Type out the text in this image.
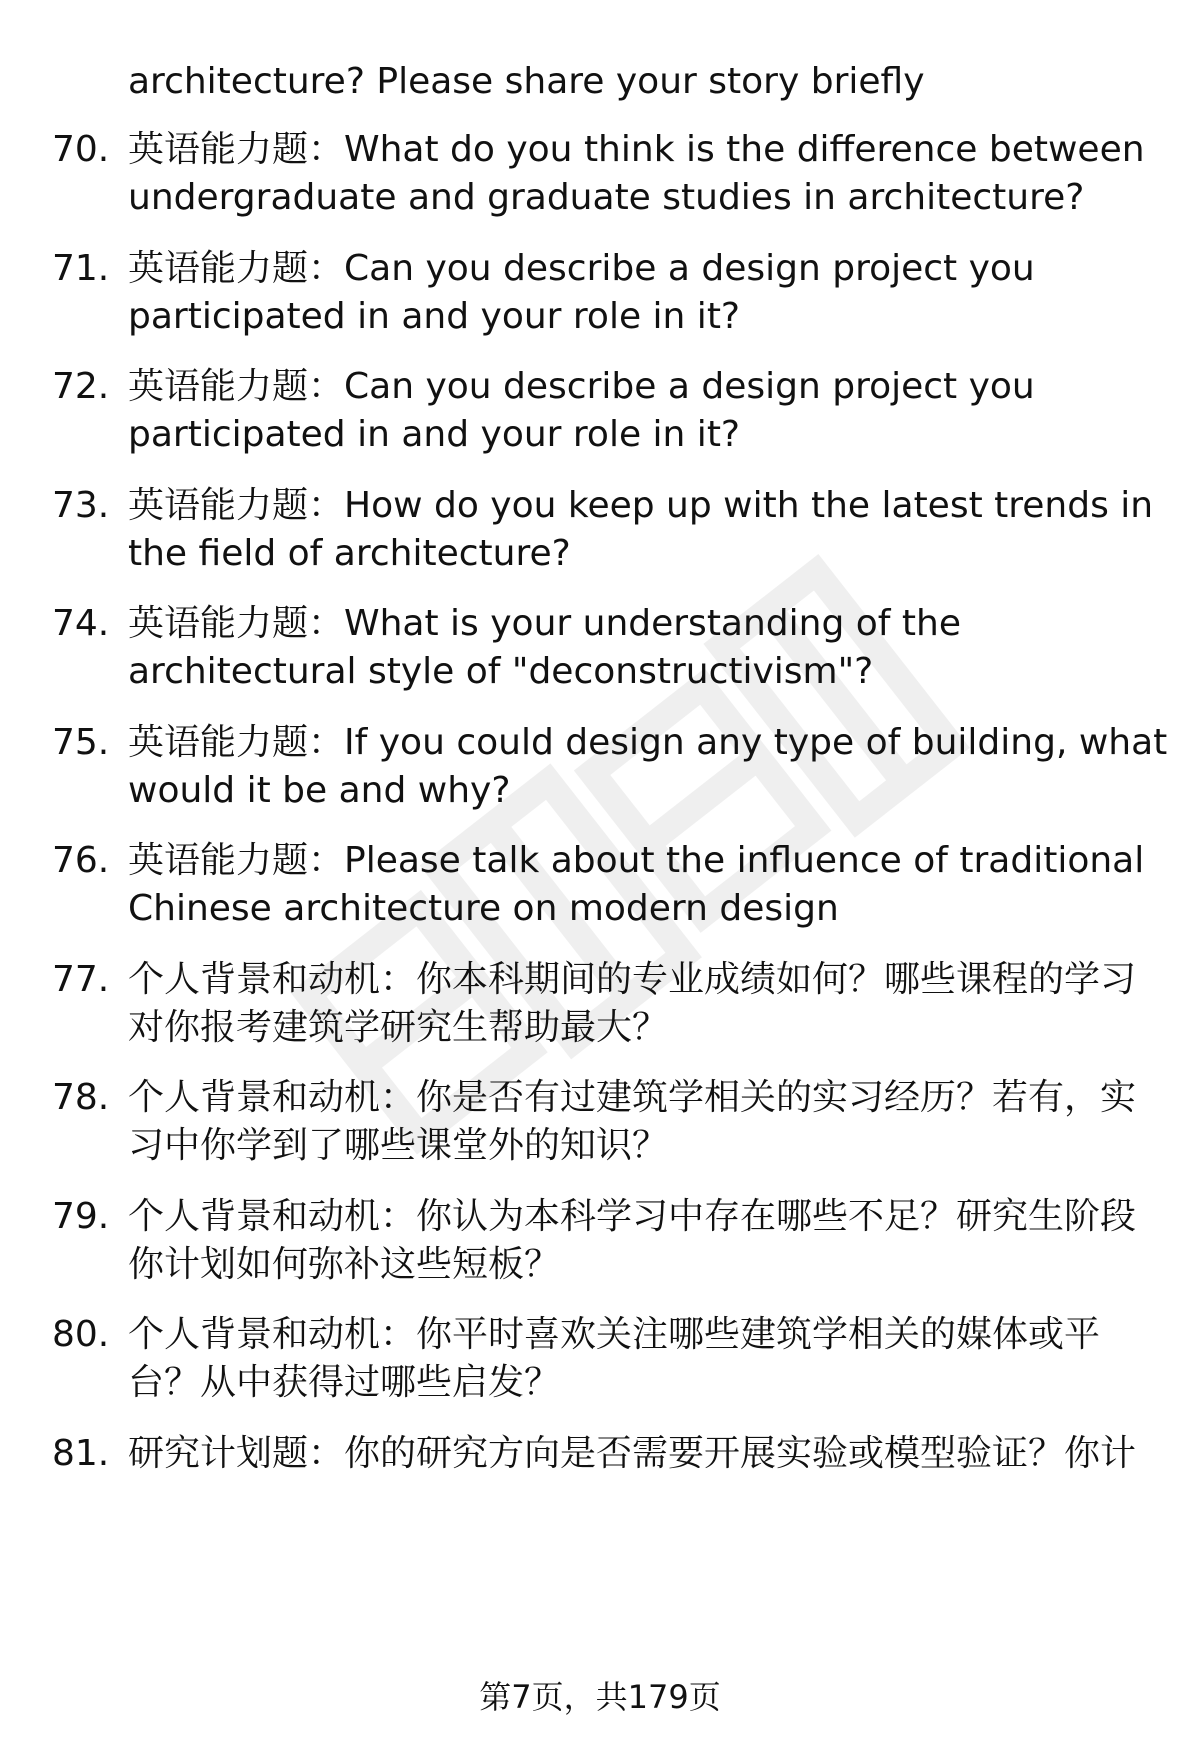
architecture? Please share your story briefly
70. 英语能力题：What do you think is the difference between
undergraduate and graduate studies in architecture?
71. 英语能力题：Can you describe a design project you
participated in and your role in it?
72. 英语能力题：Can you describe a design project you
participated in and your role in it?
73. 英语能力题：How do you keep up with the latest trends in
the field of architecture?
74. 英语能力题：What is your understanding of the
architectural style of "deconstructivism"?
75. 英语能力题：If you could design any type of building, what
would it be and why?
76. 英语能力题：Please talk about the influence of traditional
Chinese architecture on modern design
77. 个人背景和动机：你本科期间的专业成绩如何？哪些课程的学习
对你报考建筑学研究生帮助最大？
78. 个人背景和动机：你是否有过建筑学相关的实习经历？若有，实
习中你学到了哪些课堂外的知识？
79. 个人背景和动机：你认为本科学习中存在哪些不足？研究生阶段
你计划如何弥补这些短板？
80. 个人背景和动机：你平时喜欢关注哪些建筑学相关的媒体或平
台？从中获得过哪些启发？
81. 研究计划题：你的研究方向是否需要开展实验或模型验证？你计
第7页，共179页
